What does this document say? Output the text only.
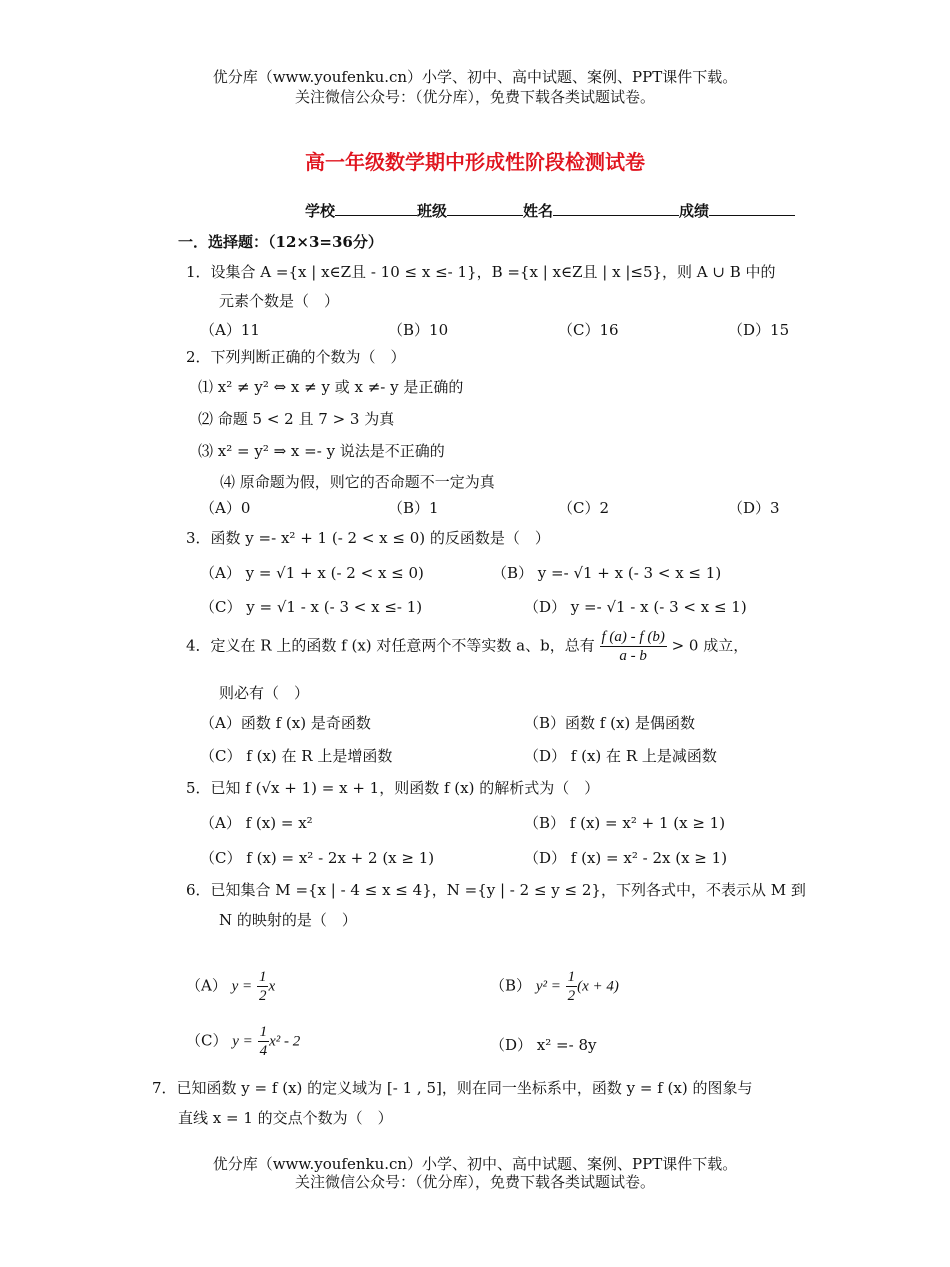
优分库（www.youfenku.cn）小学、初中、高中试题、案例、PPT课件下载。
关注微信公众号：（优分库），免费下载各类试题试卷。
高一年级数学期中形成性阶段检测试卷
学校	班级	姓名	成绩
一．选择题：（12×3=36分）
1．设集合 A ={x | x∈Z且 - 10 ≤ x ≤- 1}，B ={x | x∈Z且 | x |≤5}，则 A ∪ B 中的
元素个数是（　）
（A）11	（B）10	（C）16	（D）15
2．下列判断正确的个数为（　）
⑴ x² ≠ y² ⇔ x ≠ y 或 x ≠- y 是正确的
⑵ 命题 5 < 2 且 7 > 3 为真
⑶ x² = y² ⇒ x =- y 说法是不正确的
⑷ 原命题为假，则它的否命题不一定为真
（A）0	（B）1	（C）2	（D）3
3．函数 y =- x² + 1 (- 2 < x ≤ 0) 的反函数是（　）
（A） y = √1 + x (- 2 < x ≤ 0)	（B） y =- √1 + x (- 3 < x ≤ 1)
（C） y = √1 - x (- 3 < x ≤- 1)	（D） y =- √1 - x (- 3 < x ≤ 1)
4．定义在 R 上的函数 f (x) 对任意两个不等实数 a、b，总有 $\frac{f (a) - f (b)}{a - b} > 0$ 成立，
则必有（　）
（A）函数 f (x) 是奇函数	（B）函数 f (x) 是偶函数
（C） f (x) 在 R 上是增函数	（D） f (x) 在 R 上是减函数
5．已知 f (√x + 1) = x + 1，则函数 f (x) 的解析式为（　）
（A） f (x) = x²	（B） f (x) = x² + 1 (x ≥ 1)
（C） f (x) = x² - 2x + 2 (x ≥ 1)	（D） f (x) = x² - 2x (x ≥ 1)
6．已知集合 M ={x | - 4 ≤ x ≤ 4}，N ={y | - 2 ≤ y ≤ 2}，下列各式中，不表示从 M 到
N 的映射的是（　）
（A） $y = \frac{1}{2}$ x	（B） $y^2 = \frac{1}{2} (x + 4)$
（C） $y = \frac{1}{4} x^2 - 2$	（D） x² =- 8y
7．已知函数 y = f (x) 的定义域为 [- 1 , 5]，则在同一坐标系中，函数 y = f (x) 的图象与
直线 x = 1 的交点个数为（　）
优分库（www.youfenku.cn）小学、初中、高中试题、案例、PPT课件下载。
关注微信公众号：（优分库），免费下载各类试题试卷。
